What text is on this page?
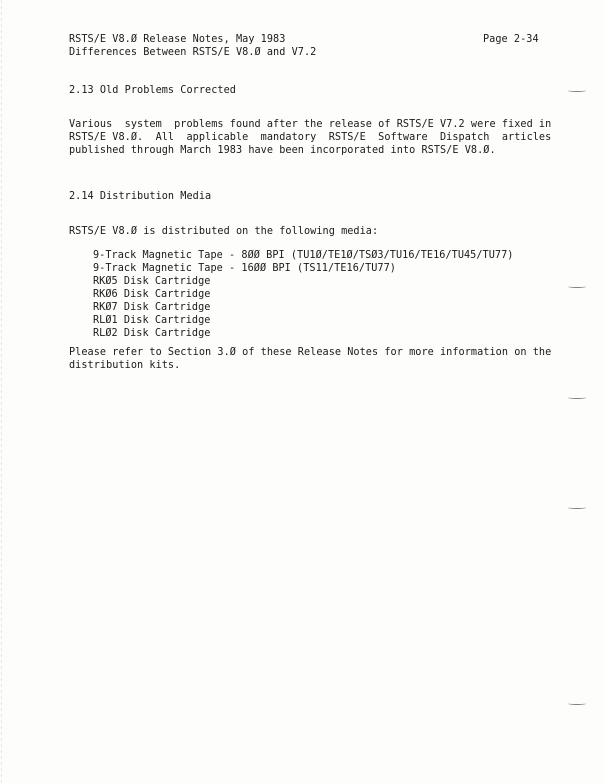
RSTS/E V8.Ø Release Notes, May 1983
Differences Between RSTS/E V8.Ø and V7.2
Page 2-34
2.13 Old Problems Corrected
Various  system  problems found after the release of RSTS/E V7.2 were fixed in
RSTS/E V8.Ø.  All  applicable  mandatory  RSTS/E  Software  Dispatch  articles
published through March 1983 have been incorporated into RSTS/E V8.Ø.
2.14 Distribution Media
RSTS/E V8.Ø is distributed on the following media:
9-Track Magnetic Tape - 8ØØ BPI (TU1Ø/TE1Ø/TSØ3/TU16/TE16/TU45/TU77)
9-Track Magnetic Tape - 16ØØ BPI (TS11/TE16/TU77)
RKØ5 Disk Cartridge
RKØ6 Disk Cartridge
RKØ7 Disk Cartridge
RLØ1 Disk Cartridge
RLØ2 Disk Cartridge
Please refer to Section 3.Ø of these Release Notes for more information on the
distribution kits.
